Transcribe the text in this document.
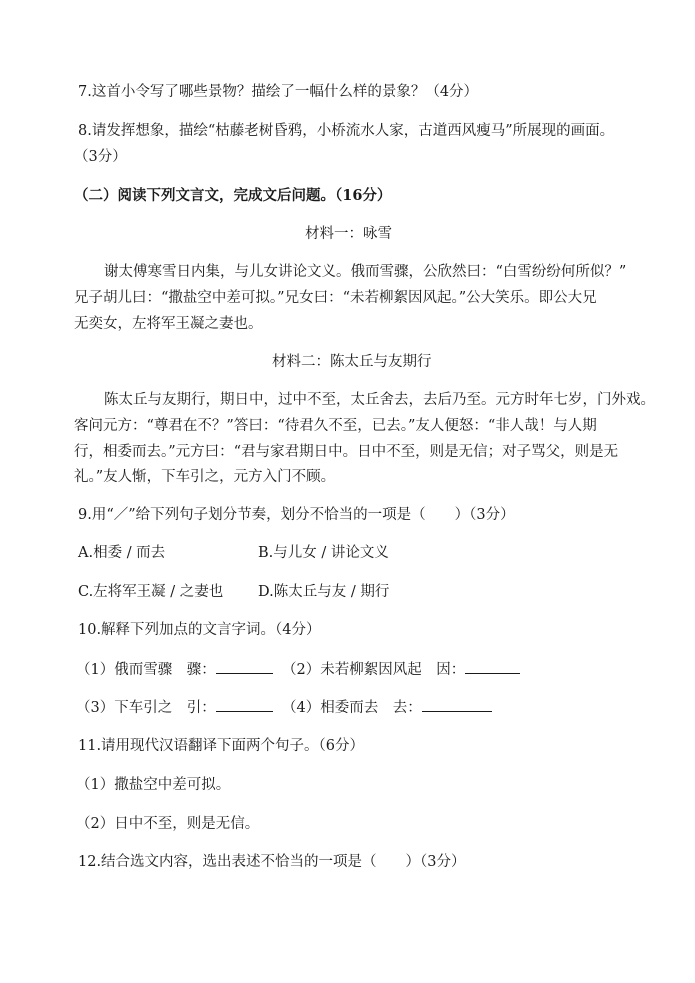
7.这首小令写了哪些景物？描绘了一幅什么样的景象？（4分）
8.请发挥想象，描绘“枯藤老树昏鸦，小桥流水人家，古道西风瘦马”所展现的画面。
（3分）
（二）阅读下列文言文，完成文后问题。（16分）
材料一：咏雪
谢太傅寒雪日内集，与儿女讲论文义。俄而雪骤，公欣然曰：“白雪纷纷何所似？”
兄子胡儿曰：“撒盐空中差可拟。”兄女曰：“未若柳絮因风起。”公大笑乐。即公大兄
无奕女，左将军王凝之妻也。
材料二：陈太丘与友期行
陈太丘与友期行，期日中，过中不至，太丘舍去，去后乃至。元方时年七岁，门外戏。
客问元方：“尊君在不？”答曰：“待君久不至，已去。”友人便怒：“非人哉！与人期
行，相委而去。”元方曰：“君与家君期日中。日中不至，则是无信；对子骂父，则是无
礼。”友人惭，下车引之，元方入门不顾。
9.用“／”给下列句子划分节奏，划分不恰当的一项是（　　）（3分）
A.相委 / 而去	B.与儿女 / 讲论文义
C.左将军王凝 / 之妻也 D.陈太丘与友 / 期行
10.解释下列加点的文言字词。（4分）
（1）俄而雪骤　骤：	（2）未若柳絮因风起　因：
（3）下车引之　引：	（4）相委而去　去：
11.请用现代汉语翻译下面两个句子。（6分）
（1）撒盐空中差可拟。
（2）日中不至，则是无信。
12.结合选文内容，选出表述不恰当的一项是（　　）（3分）
